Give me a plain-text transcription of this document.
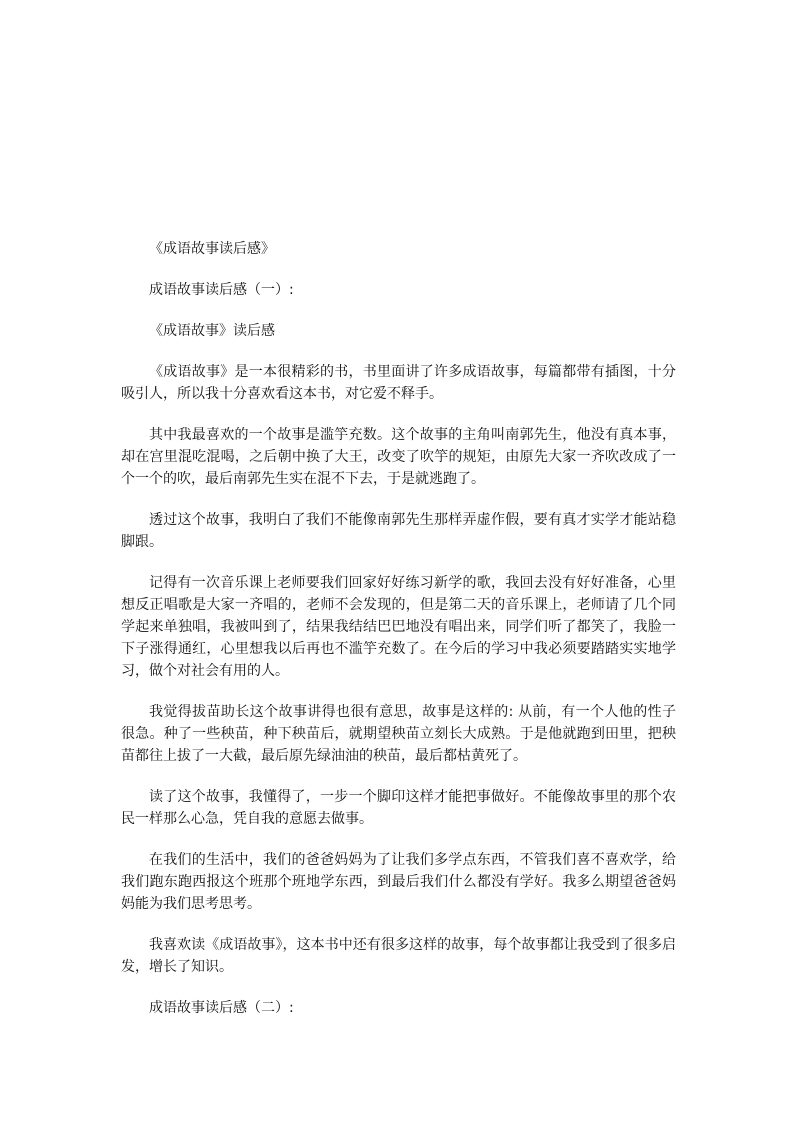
《成语故事读后感》

成语故事读后感（一）:

《成语故事》读后感

《成语故事》是一本很精彩的书，书里面讲了许多成语故事，每篇都带有插图，十分吸引人，所以我十分喜欢看这本书，对它爱不释手。

其中我最喜欢的一个故事是滥竽充数。这个故事的主角叫南郭先生，他没有真本事，却在宫里混吃混喝，之后朝中换了大王，改变了吹竽的规矩，由原先大家一齐吹改成了一个一个的吹，最后南郭先生实在混不下去，于是就逃跑了。

透过这个故事，我明白了我们不能像南郭先生那样弄虚作假，要有真才实学才能站稳脚跟。

记得有一次音乐课上老师要我们回家好好练习新学的歌，我回去没有好好准备，心里想反正唱歌是大家一齐唱的，老师不会发现的，但是第二天的音乐课上，老师请了几个同学起来单独唱，我被叫到了，结果我结结巴巴地没有唱出来，同学们听了都笑了，我脸一下子涨得通红，心里想我以后再也不滥竽充数了。在今后的学习中我必须要踏踏实实地学习，做个对社会有用的人。

我觉得拔苗助长这个故事讲得也很有意思，故事是这样的: 从前，有一个人他的性子很急。种了一些秧苗，种下秧苗后，就期望秧苗立刻长大成熟。于是他就跑到田里，把秧苗都往上拔了一大截，最后原先绿油油的秧苗，最后都枯黄死了。

读了这个故事，我懂得了，一步一个脚印这样才能把事做好。不能像故事里的那个农民一样那么心急，凭自我的意愿去做事。

在我们的生活中，我们的爸爸妈妈为了让我们多学点东西，不管我们喜不喜欢学，给我们跑东跑西报这个班那个班地学东西，到最后我们什么都没有学好。我多么期望爸爸妈妈能为我们思考思考。

我喜欢读《成语故事》，这本书中还有很多这样的故事，每个故事都让我受到了很多启发，增长了知识。

成语故事读后感（二）:
